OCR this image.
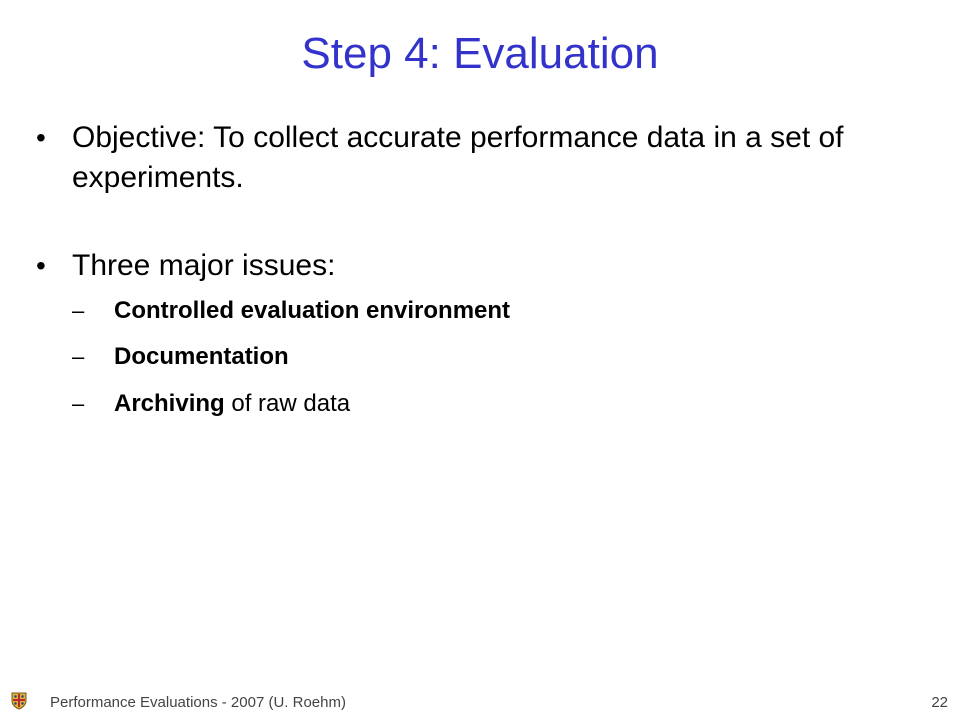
Step 4: Evaluation
• Objective: To collect accurate performance data in a set of experiments.
• Three major issues:
–	Controlled evaluation environment
–	Documentation
–	Archiving of raw data
Performance Evaluations - 2007 (U. Roehm)	22
